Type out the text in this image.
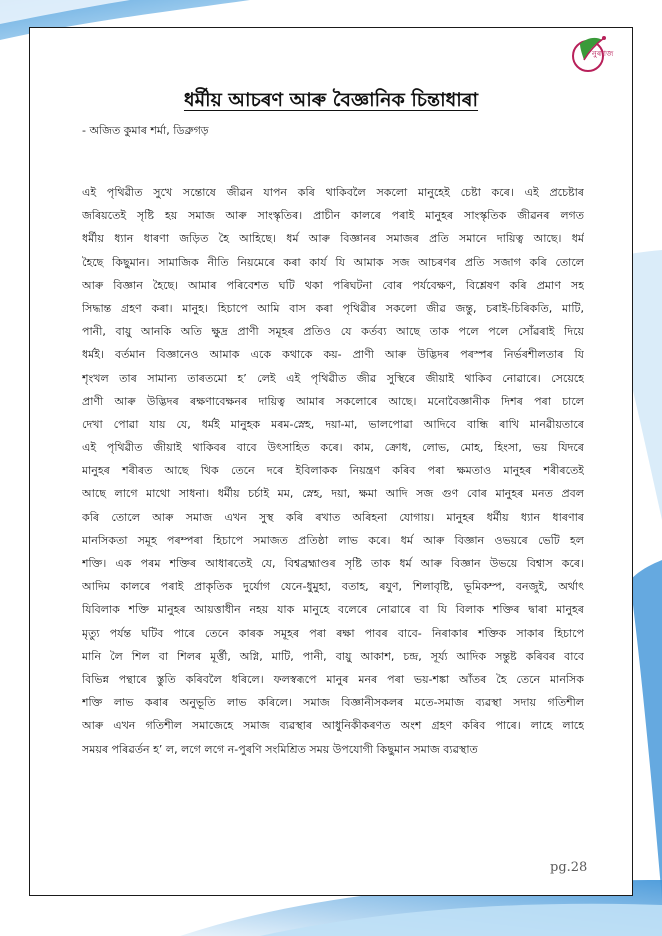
নুৰণজ
ধৰ্মীয় আচৰণ আৰু বৈজ্ঞানিক চিন্তাধাৰা
- অজিত কুমাৰ শৰ্মা, ডিব্ৰুগড়
এই পৃথিৱীত সুখে সন্তোষে জীৱন যাপন কৰি থাকিবলৈ সকলো মানুহেই চেষ্টা কৰে। এই প্ৰচেষ্টাৰ
জৰিয়তেই সৃষ্টি হয় সমাজ আৰু সাংস্কৃতিৰ। প্ৰাচীন কালৰে পৰাই মানুহৰ সাংস্কৃতিক জীৱনৰ লগত
ধৰ্মীয় ধ্যান ধাৰণা জড়িত হৈ আহিছে। ধৰ্ম আৰু বিজ্ঞানৰ সমাজৰ প্ৰতি সমানে দায়িত্ব আছে। ধৰ্ম
হৈছে কিছুমান। সামাজিক নীতি নিয়মেৰে কৰা কাৰ্য যি আমাক সজ আচৰণৰ প্ৰতি সজাগ কৰি তোলে
আৰু বিজ্ঞান হৈছে। আমাৰ পৰিবেশত ঘটি থকা পৰিঘটনা বোৰ পৰ্যবেক্ষণ, বিশ্লেষণ কৰি প্ৰমাণ সহ
সিদ্ধান্ত গ্ৰহণ কৰা। মানুহ। হিচাপে আমি বাস কৰা পৃথিৱীৰ সকলো জীৱ জন্তু, চৰাই-চিৰিকতি, মাটি,
পানী, বায়ু আনকি অতি ক্ষুদ্ৰ প্ৰাণী সমূহৰ প্ৰতিও যে কৰ্তব্য আছে তাক পলে পলে সোঁৱৰাই দিয়ে
ধৰ্মই। বৰ্তমান বিজ্ঞানেও আমাক একে কথাকে কয়- প্ৰাণী আৰু উদ্ভিদৰ পৰস্পৰ নিৰ্ভৰশীলতাৰ যি
শৃংখল তাৰ সামান্য তাৰতমাে হ’ লেই এই পৃথিৱীত জীৱ সুস্থিৰে জীয়াই থাকিব নোৱাৰে। সেয়েহে
প্ৰাণী আৰু উদ্ভিদৰ ৰক্ষণাবেক্ষনৰ দায়িত্ব আমাৰ সকলোৰে আছে। মনোবৈজ্ঞানীক দিশৰ পৰা চালে
দেখা পোৱা যায় যে, ধৰ্মই মানুহক মৰম-স্নেহ, দয়া-মা, ভালপোৱা আদিবে বান্ধি ৰাখি মানৱীয়তাৰে
এই পৃথিৱীত জীয়াই থাকিবৰ বাবে উৎসাহিত কৰে। কাম, ক্ৰোধ, লোভ, মোহ, হিংসা, ভয় যিদৰে
মানুহৰ শৰীৰত আছে থিক তেনে দৰে ইবিলাকক নিয়ন্ত্ৰণ কৰিব পৰা ক্ষমতাও মানুহৰ শৰীৰতেই
আছে লাগে মাথো সাধনা। ধৰ্মীয় চৰ্চাই মম, স্নেহ, দয়া, ক্ষমা আদি সজ গুণ বোৰ মানুহৰ মনত প্ৰবল
কৰি তোলে আৰু সমাজ এখন সুস্থ কৰি ৰখাত অৰিহনা যোগায়। মানুহৰ ধৰ্মীয় ধ্যান ধাৰণাৰ
মানসিকতা সমূহ পৰম্পৰা হিচাপে সমাজত প্ৰতিষ্ঠা লাভ কৰে। ধৰ্ম আৰু বিজ্ঞান ওভয়ৰে ভেটি হল
শক্তি। এক পৰম শক্তিৰ আধাৰতেই যে, বিশ্বব্ৰহ্মাণ্ডৰ সৃষ্টি তাক ধৰ্ম আৰু বিজ্ঞান উভয়ে বিশ্বাস কৰে।
আদিম কালৰে পৰাই প্ৰাকৃতিক দুৰ্যোগ যেনে-ধুমুহা, বতাহ, ৰযুণ, শিলাবৃষ্টি, ভূমিকম্প, বনজুই, অৰ্থাৎ
যিবিলাক শক্তি মানুহৰ আয়ত্তাধীন নহয় যাক মানুহে বলেৰে নোৱাৰে বা যি বিলাক শক্তিৰ দ্বাৰা মানুহৰ
মৃত্যু পৰ্যন্ত ঘটিব পাৰে তেনে কাৰক সমূহৰ পৰা ৰক্ষা পাবৰ বাবে- নিৰাকাৰ শক্তিক সাকাৰ হিচাপে
মানি লৈ শিল বা শিলৰ মূৰ্ত্তী, অগ্নি, মাটি, পানী, বায়ু আকাশ, চন্দ্ৰ, সূৰ্য্য আদিক সন্তুষ্ট কৰিবৰ বাবে
বিভিন্ন পন্থাৰে স্তুতি কৰিবলৈ ধৰিলে। ফলস্বৰূপে মানুৰ মনৰ পৰা ভয়-শঙ্কা আঁতৰ হৈ তেনে মানসিক
শক্তি লাভ কৰাৰ অনুভূতি লাভ কৰিলে। সমাজ বিজ্ঞানীসকলৰ মতে-সমাজ ব্যৱস্থা সদায় গতিশীল
আৰু এখন গতিশীল সমাজেহে সমাজ ব্যৱস্থাৰ আধুনিকীকৰণত অংশ গ্ৰহণ কৰিব পাৰে। লাহে লাহে
সময়ৰ পৰিৱৰ্তন হ’ ল, লগে লগে ন-পুৰণি সংমিশ্ৰিত সময় উপযোগী কিছুমান সমাজ ব্যৱস্থাত
pg.28
